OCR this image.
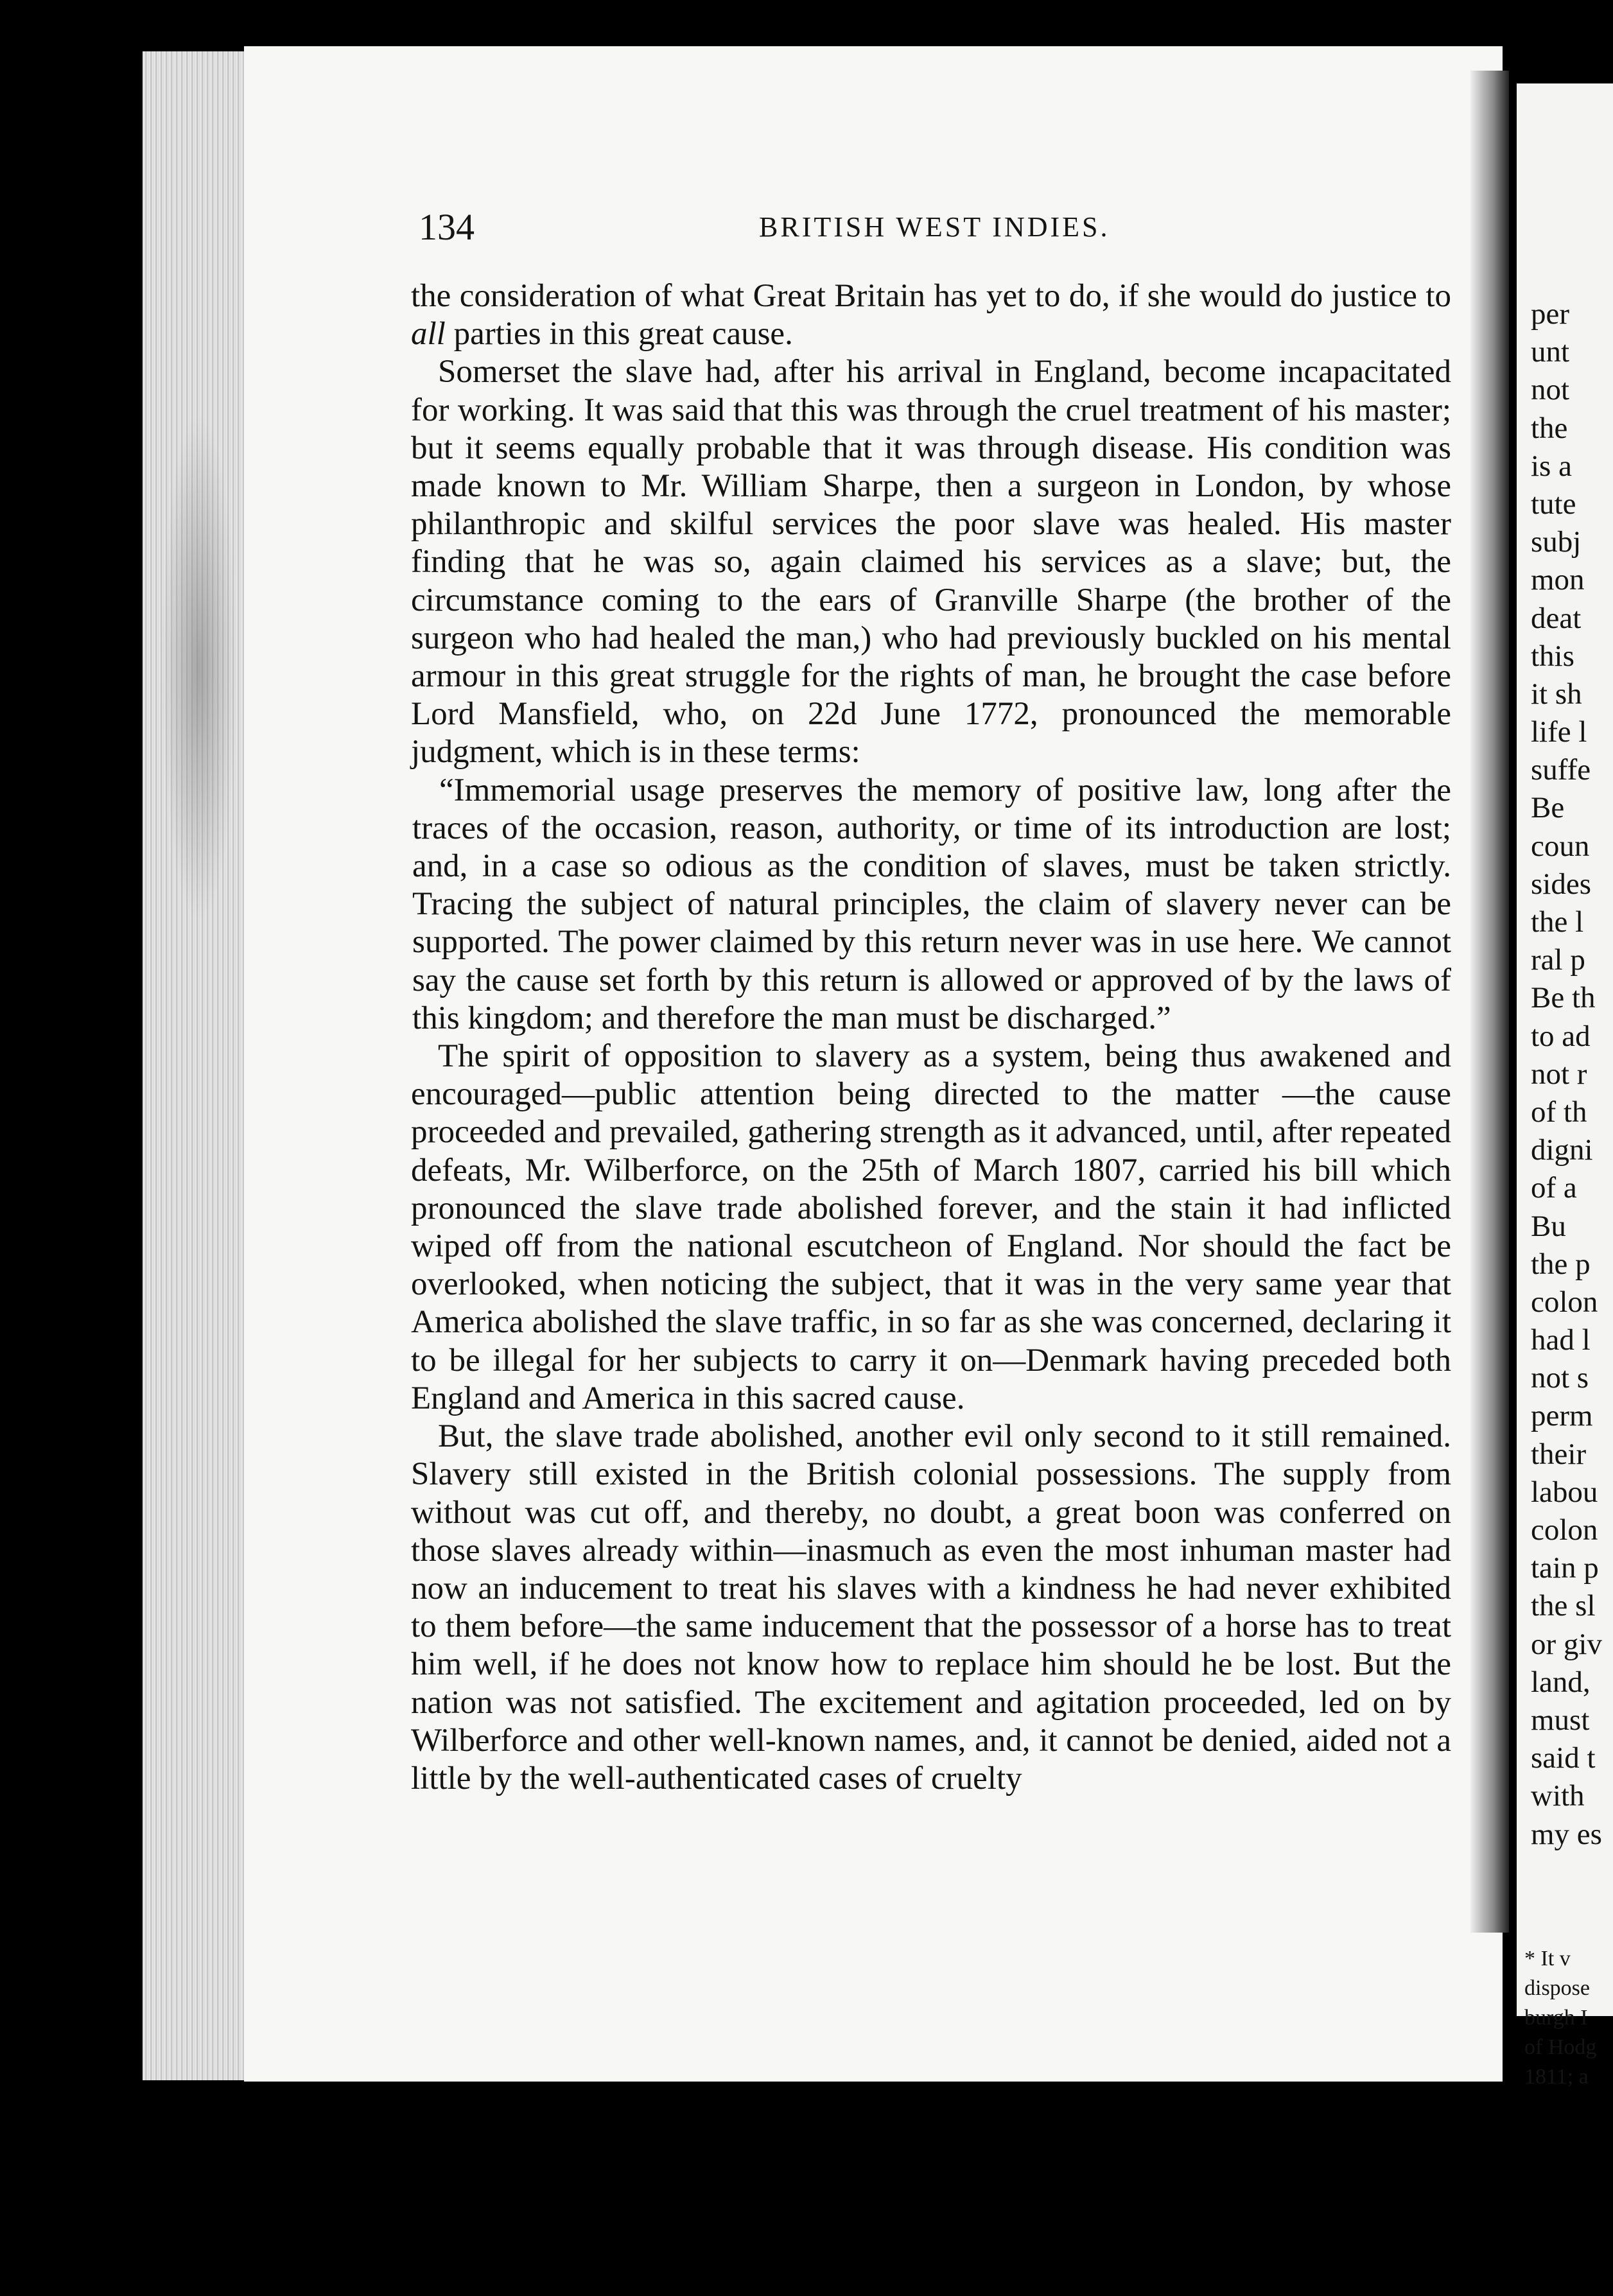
per
unt
not
the
is a
tute
subj
mon
deat
this
it sh
life l
suffe
Bе
coun
sides
the l
ral p
Be th
to ad
not r
of th
digni
of a
Bu
the p
colon
had l
not s
perm
their
labou
colon
tain p
the sl
or giv
land,
must
said t
with
my es
* It v
dispose
burgh I
of Hodg
1811; a
134	BRITISH WEST INDIES.

the consideration of what Great Britain has yet to do, if she would do justice to all parties in this great cause.

Somerset the slave had, after his arrival in England, become incapacitated for working. It was said that this was through the cruel treatment of his master; but it seems equally probable that it was through disease. His condition was made known to Mr. William Sharpe, then a surgeon in London, by whose philanthropic and skilful services the poor slave was healed. His master finding that he was so, again claimed his services as a slave; but, the circumstance coming to the ears of Granville Sharpe (the brother of the surgeon who had healed the man,) who had previously buckled on his mental armour in this great struggle for the rights of man, he brought the case before Lord Mansfield, who, on 22d June 1772, pronounced the memorable judgment, which is in these terms:

“Immemorial usage preserves the memory of positive law, long after the traces of the occasion, reason, authority, or time of its introduction are lost; and, in a case so odious as the condition of slaves, must be taken strictly. Tracing the subject of natural principles, the claim of slavery never can be supported. The power claimed by this return never was in use here. We cannot say the cause set forth by this return is allowed or approved of by the laws of this kingdom; and therefore the man must be discharged.”

The spirit of opposition to slavery as a system, being thus awakened and encouraged—public attention being directed to the matter —the cause proceeded and prevailed, gathering strength as it advanced, until, after repeated defeats, Mr. Wilberforce, on the 25th of March 1807, carried his bill which pronounced the slave trade abolished forever, and the stain it had inflicted wiped off from the national escutcheon of England. Nor should the fact be overlooked, when noticing the subject, that it was in the very same year that America abolished the slave traffic, in so far as she was concerned, declaring it to be illegal for her subjects to carry it on—Denmark having preceded both England and America in this sacred cause.

But, the slave trade abolished, another evil only second to it still remained. Slavery still existed in the British colonial possessions. The supply from without was cut off, and thereby, no doubt, a great boon was conferred on those slaves already within—inasmuch as even the most inhuman master had now an inducement to treat his slaves with a kindness he had never exhibited to them before—the same inducement that the possessor of a horse has to treat him well, if he does not know how to replace him should he be lost. But the nation was not satisfied. The excitement and agitation proceeded, led on by Wilberforce and other well-known names, and, it cannot be denied, aided not a little by the well-authenticated cases of cruelty
